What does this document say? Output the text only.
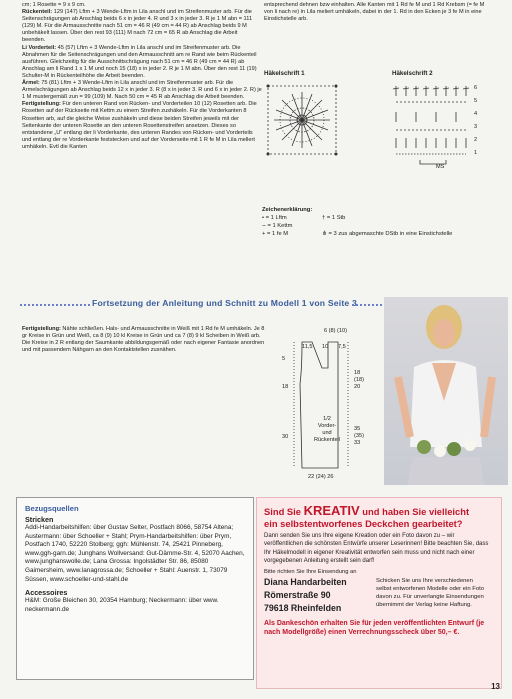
cm; 1 Rosette = 9 x 9 cm.

Rückenteil: 129 (147) Lftm + 3 Wende-Lftm in Lila anschl und im Streifenmuster arb. Für die Seitenschrägungen ab Anschlag beids 6 x in jeder 4. R und 3 x in jeder 3. R je 1 M abn = 111 (129) M. Für die Armausschnitte nach 51 cm = 46 R (49 cm = 44 R) ab Anschlag beids 9 M unbehäkelt lassen. Über den rest 93 (111) M nach 72 cm = 65 R ab Anschlag die Arbeit beenden.

Li Vorderteil: 45 (57) Lftm + 3 Wende-Lftm in Lila anschl und im Streifenmuster arb. Die Abnahmen für die Seitenschrägungen und den Armausschnitt am re Rand wie beim Rückenteil ausführen. Gleichzeitig für die Ausschnittschrägung nach 51 cm = 46 R (49 cm = 44 R) ab Anschlag am li Rand 1 x 1 M und noch 15 (18) x in jeder 2. R je 1 M abn. Über den rest 11 (19) Schulter-M in Rückenteilhöhe die Arbeit beenden.

Ärmel: 75 (81) Lftm + 3 Wende-Lftm in Lila anschl und im Streifenmuster arb. Für die Armelschrägungen ab Anschlag beids 12 x in jeder 3. R (8 x in jeder 3. R und 6 x in jeder 2. R) je 1 M mustergemäß zun = 99 (109) M. Nach 50 cm = 45 R ab Anschlag die Arbeit beenden.

Fertigstellung: Für den unteren Rand von Rücken- und Vorderteilen 10 (12) Rosetten arb. Die Rosetten auf der Rückseite mit Kettm zu einem Streifen zushäkeln. Für die Vorderkanten 8 Rosetten arb, auf die gleiche Weise zushäkeln und diese beiden Streifen jeweils mit der Seitenkante der unteren Rosette an den unteren Rosettenstreifen ansetzen. Dieses so entstandene „U“ entlang der li Vorderkante, des unteren Randes von Rücken- und Vorderteils und entlang der re Vorderkante feststecken und auf der Vorderseite mit 1 R fe M in Lila mellert umhäkeln. Evtl die Kanten

entsprechend dehnen bzw einhalten. Alle Kanten mit 1 Rd fe M und 1 Rd Krebsm (= fe M von li nach re) in Lila meliert umhäkeln, dabei in der 1. Rd in den Ecken je 3 fe M in eine Einstichstelle arb.

Häkelschrift 1	Häkelschrift 2
6
5
4
3
2
1
MS
Zeichenerklärung:
• = 1 Lftm
⌢ = 1 Kettm
+ = 1 fe M
† = 1 Stb
⋔ = 3 zus abgemaschte DStb in eine Einstichstelle
Fortsetzung der Anleitung und Schnitt zu Modell 1 von Seite 3
Fertigstellung: Nähte schließen. Hals- und Armausschnitte in Weiß mit 1 Rd fe M umhäkeln. Je 8 gr Kreise in Grün und Weiß, ca 8 (9) 10 kl Kreise in Grün und ca 7 (8) 9 kl Scheiben in Weiß arb. Die Kreise in 2 R entlang der Saumkante abbildungsgemäß oder nach eigener Fantasie anordnen und mit passendem Nähgarn an den Kontaktstellen zusnähen.
6 (8) (10)
11,5 10 7,5
5
18
30
18 (18) 20
35 (35) 33
1/2
Vorder-
und
Rückenteil
22 (24) 26
Bezugsquellen
Stricken
Addi-Handarbeitshilfen: über Gustav Selter, Postfach 8066, 58754 Altena; Austermann: über Schoeller + Stahl; Prym-Handarbeitshilfen: über Prym, Postfach 1740, 52220 Stolberg; ggh: Mühlenstr. 74, 25421 Pinneberg, www.ggh-garn.de; Junghans Wollversand: Gut-Dämme-Str. 4, 52070 Aachen, www.junghanswolle.de; Lana Grossa: Ingolstädter Str. 86, 85080 Gaimersheim, www.lanagrossa.de; Schoeller + Stahl: Auenstr. 1, 73079 Süssen, www.schoeller-und-stahl.de
Accessoires
H&M: Große Bleichen 30, 20354 Hamburg; Neckermann: über www. neckermann.de
Sind Sie KREATIV und haben Sie vielleicht
ein selbstentworfenes Deckchen gearbeitet?
Dann senden Sie uns Ihre eigene Kreation oder ein Foto davon zu – wir veröffentlichen die schönsten Entwürfe unserer Leserinnen! Bitte beachten Sie, dass Ihr Häkelmodell in eigener Kreativität entworfen sein muss und nicht nach einer vorgegebenen Anleitung erstellt sein darf!
Bitte richten Sie Ihre Einsendung an
Diana Handarbeiten
Römerstraße 90
79618 Rheinfelden
Schicken Sie uns Ihre verschiedenen selbst entworfenen Modelle oder ein Foto davon zu. Für unverlangte Einsendungen übernimmt der Verlag keine Haftung.
Als Dankeschön erhalten Sie für jeden veröffentlichten Entwurf (je nach Modellgröße) einen Verrechnungsscheck über 50,– €.
13
